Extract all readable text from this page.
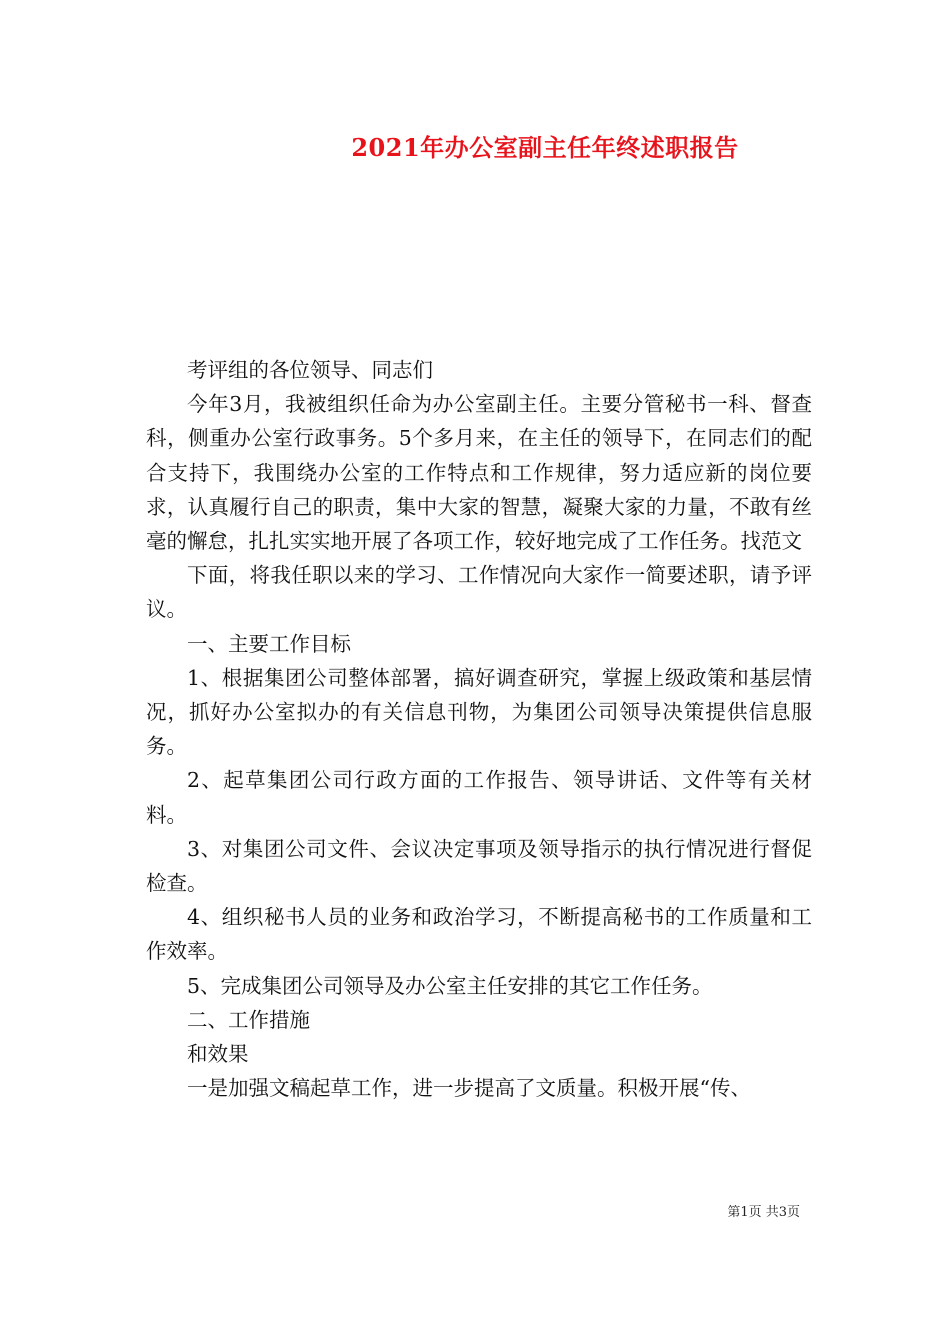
2021年办公室副主任年终述职报告

考评组的各位领导、同志们

今年3月，我被组织任命为办公室副主任。主要分管秘书一科、督查科，侧重办公室行政事务。5个多月来，在主任的领导下，在同志们的配合支持下，我围绕办公室的工作特点和工作规律，努力适应新的岗位要求，认真履行自己的职责，集中大家的智慧，凝聚大家的力量，不敢有丝毫的懈怠，扎扎实实地开展了各项工作，较好地完成了工作任务。找范文

下面，将我任职以来的学习、工作情况向大家作一简要述职，请予评议。

一、主要工作目标

1、根据集团公司整体部署，搞好调查研究，掌握上级政策和基层情况，抓好办公室拟办的有关信息刊物，为集团公司领导决策提供信息服务。

2、起草集团公司行政方面的工作报告、领导讲话、文件等有关材料。

3、对集团公司文件、会议决定事项及领导指示的执行情况进行督促检查。

4、组织秘书人员的业务和政治学习，不断提高秘书的工作质量和工作效率。

5、完成集团公司领导及办公室主任安排的其它工作任务。

二、工作措施

和效果

一是加强文稿起草工作，进一步提高了文质量。积极开展“传、

第1页 共3页
